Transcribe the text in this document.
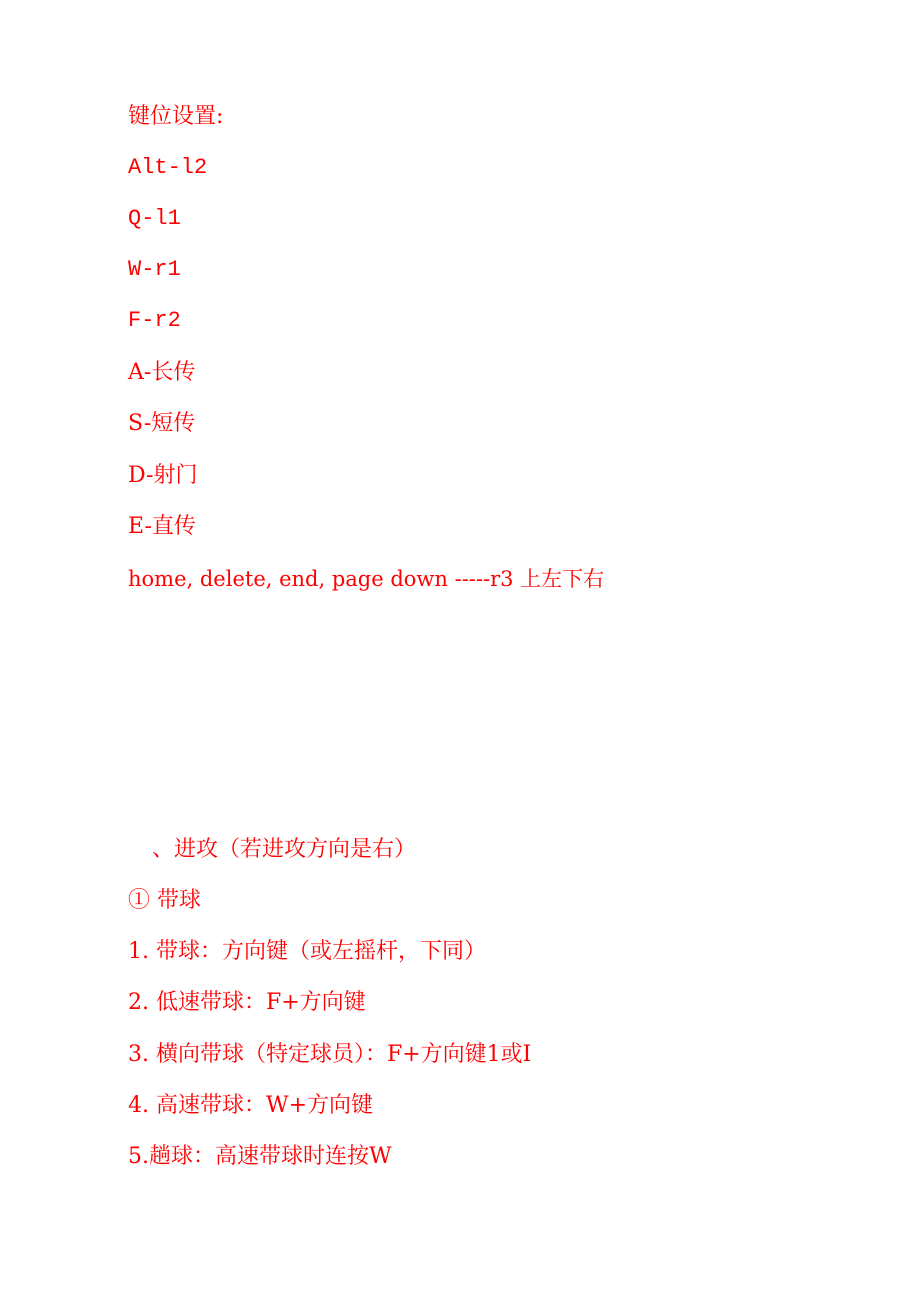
键位设置:
Alt-l2
Q-l1
W-r1
F-r2
A-长传
S-短传
D-射门
E-直传
home, delete, end, page down -----r3 上左下右
、进攻（若进攻方向是右）
① 带球
1. 带球：方向键（或左摇杆，下同）
2. 低速带球：F+方向键
3. 横向带球（特定球员）：F+方向键1或I
4. 高速带球：W+方向键
5.趟球：高速带球时连按W
